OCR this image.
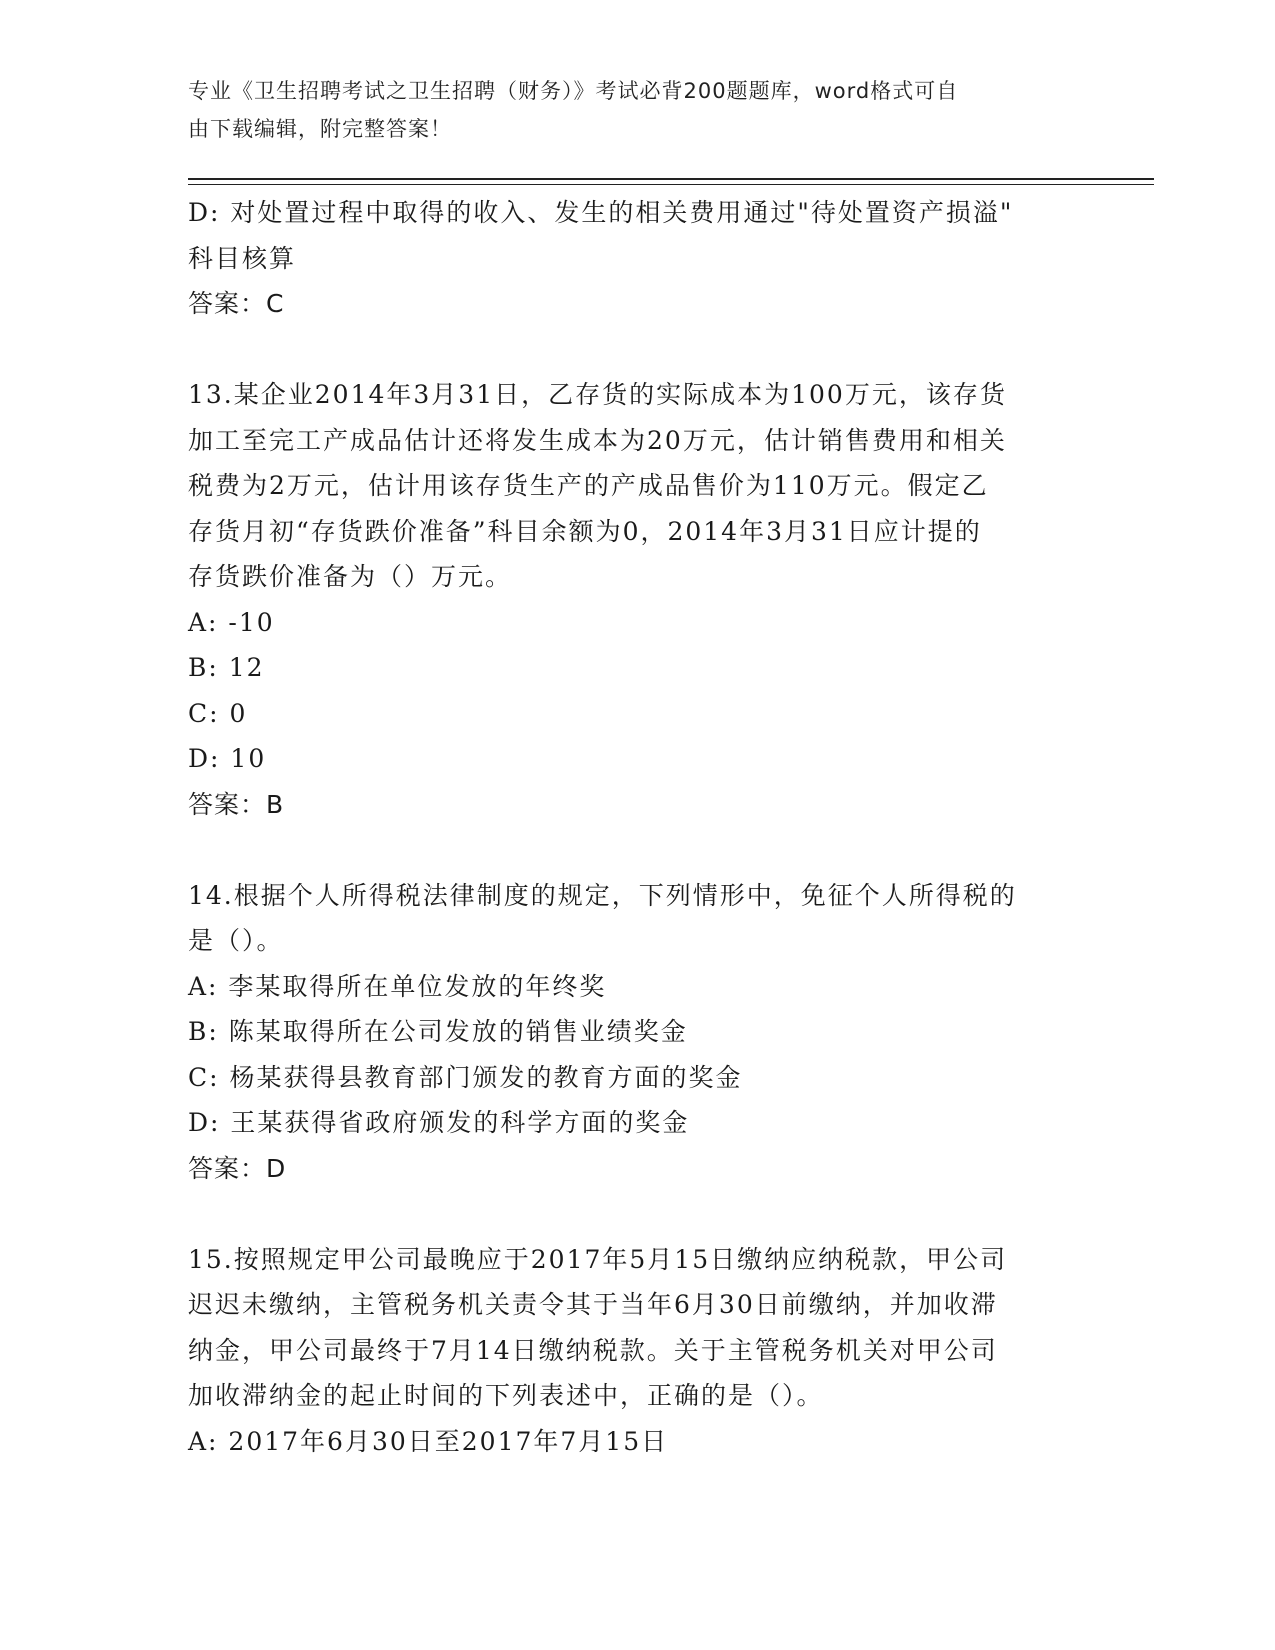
专业《卫生招聘考试之卫生招聘（财务）》考试必背200题题库，word格式可自
由下载编辑，附完整答案！
D: 对处置过程中取得的收入、发生的相关费用通过"待处置资产损溢"
科目核算
答案：C
13.某企业2014年3月31日，乙存货的实际成本为100万元，该存货
加工至完工产成品估计还将发生成本为20万元，估计销售费用和相关
税费为2万元，估计用该存货生产的产成品售价为110万元。假定乙
存货月初“存货跌价准备”科目余额为0，2014年3月31日应计提的
存货跌价准备为（）万元。
A: -10
B: 12
C: 0
D: 10
答案：B
14.根据个人所得税法律制度的规定，下列情形中，免征个人所得税的
是（）。
A: 李某取得所在单位发放的年终奖
B: 陈某取得所在公司发放的销售业绩奖金
C: 杨某获得县教育部门颁发的教育方面的奖金
D: 王某获得省政府颁发的科学方面的奖金
答案：D
15.按照规定甲公司最晚应于2017年5月15日缴纳应纳税款，甲公司
迟迟未缴纳，主管税务机关责令其于当年6月30日前缴纳，并加收滞
纳金，甲公司最终于7月14日缴纳税款。关于主管税务机关对甲公司
加收滞纳金的起止时间的下列表述中，正确的是（）。
A: 2017年6月30日至2017年7月15日
